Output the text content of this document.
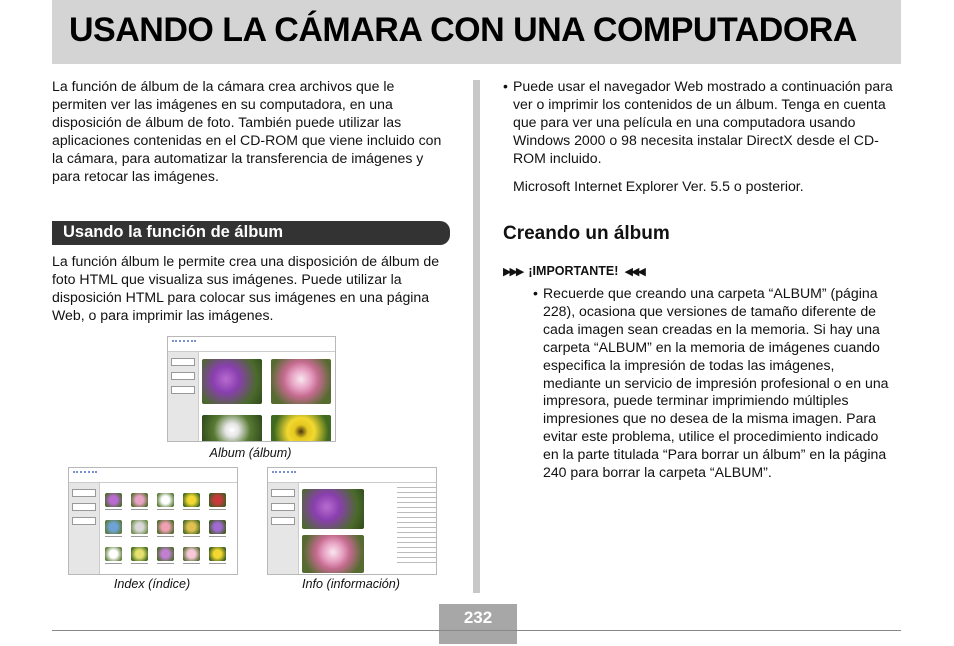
USANDO LA CÁMARA CON UNA COMPUTADORA

La función de álbum de la cámara crea archivos que le permiten ver las imágenes en su computadora, en una disposición de álbum de foto. También puede utilizar las aplicaciones contenidas en el CD-ROM que viene incluido con la cámara, para automatizar la transferencia de imágenes y para retocar las imágenes.

Usando la función de álbum

La función álbum le permite crea una disposición de álbum de foto HTML que visualiza sus imágenes. Puede utilizar la disposición HTML para colocar sus imágenes en una página Web, o para imprimir las imágenes.

Album (álbum)
Index (índice)	Info (información)
• Puede usar el navegador Web mostrado a continuación para ver o imprimir los contenidos de un álbum. Tenga en cuenta que para ver una película en una computadora usando Windows 2000 o 98 necesita instalar DirectX desde el CD-ROM incluido.
Microsoft Internet Explorer Ver. 5.5 o posterior.
Creando un álbum
▶▶▶ ¡IMPORTANTE! ◀◀◀
• Recuerde que creando una carpeta “ALBUM” (página 228), ocasiona que versiones de tamaño diferente de cada imagen sean creadas en la memoria. Si hay una carpeta “ALBUM” en la memoria de imágenes cuando especifica la impresión de todas las imágenes, mediante un servicio de impresión profesional o en una impresora, puede terminar imprimiendo múltiples impresiones que no desea de la misma imagen. Para evitar este problema, utilice el procedimiento indicado en la parte titulada “Para borrar un álbum” en la página 240 para borrar la carpeta “ALBUM”.
232
